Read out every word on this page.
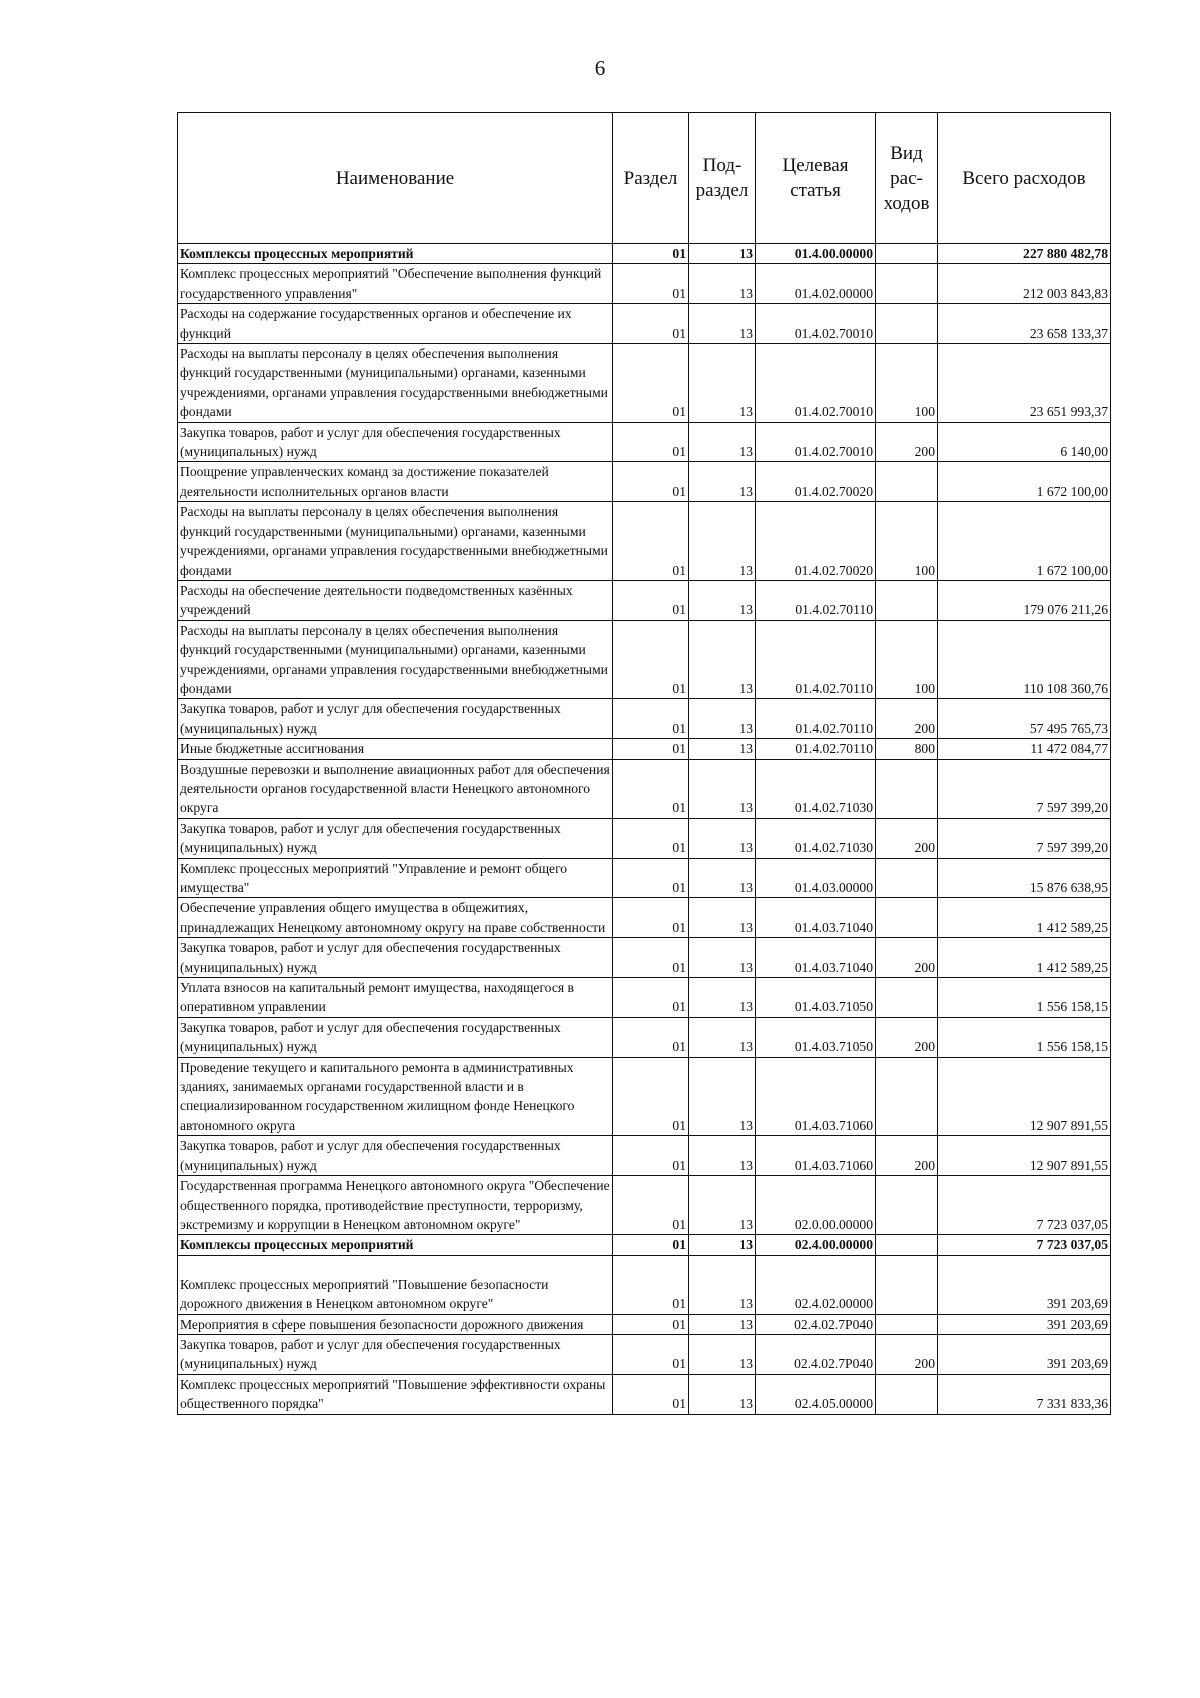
6
Наименование	Раздел	Под-раздел	Целевая статья	Вид рас-ходов	Всего расходов
Комплексы процессных мероприятий	01	13	01.4.00.00000		227 880 482,78
Комплекс процессных мероприятий "Обеспечение выполнения функций государственного управления"	01	13	01.4.02.00000		212 003 843,83
Расходы на содержание государственных органов и обеспечение их функций	01	13	01.4.02.70010		23 658 133,37
Расходы на выплаты персоналу в целях обеспечения выполнения функций государственными (муниципальными) органами, казенными учреждениями, органами управления государственными внебюджетными фондами	01	13	01.4.02.70010	100	23 651 993,37
Закупка товаров, работ и услуг для обеспечения государственных (муниципальных) нужд	01	13	01.4.02.70010	200	6 140,00
Поощрение управленческих команд за достижение показателей деятельности исполнительных органов власти	01	13	01.4.02.70020		1 672 100,00
Расходы на выплаты персоналу в целях обеспечения выполнения функций государственными (муниципальными) органами, казенными учреждениями, органами управления государственными внебюджетными фондами	01	13	01.4.02.70020	100	1 672 100,00
Расходы на обеспечение деятельности подведомственных казённых учреждений	01	13	01.4.02.70110		179 076 211,26
Расходы на выплаты персоналу в целях обеспечения выполнения функций государственными (муниципальными) органами, казенными учреждениями, органами управления государственными внебюджетными фондами	01	13	01.4.02.70110	100	110 108 360,76
Закупка товаров, работ и услуг для обеспечения государственных (муниципальных) нужд	01	13	01.4.02.70110	200	57 495 765,73
Иные бюджетные ассигнования	01	13	01.4.02.70110	800	11 472 084,77
Воздушные перевозки и выполнение авиационных работ для обеспечения деятельности органов государственной власти Ненецкого автономного округа	01	13	01.4.02.71030		7 597 399,20
Закупка товаров, работ и услуг для обеспечения государственных (муниципальных) нужд	01	13	01.4.02.71030	200	7 597 399,20
Комплекс процессных мероприятий "Управление и ремонт общего имущества"	01	13	01.4.03.00000		15 876 638,95
Обеспечение управления общего имущества в общежитиях, принадлежащих Ненецкому автономному округу на праве собственности	01	13	01.4.03.71040		1 412 589,25
Закупка товаров, работ и услуг для обеспечения государственных (муниципальных) нужд	01	13	01.4.03.71040	200	1 412 589,25
Уплата взносов на капитальный ремонт имущества, находящегося в оперативном управлении	01	13	01.4.03.71050		1 556 158,15
Закупка товаров, работ и услуг для обеспечения государственных (муниципальных) нужд	01	13	01.4.03.71050	200	1 556 158,15
Проведение текущего и капитального ремонта в административных зданиях, занимаемых органами государственной власти и в специализированном государственном жилищном фонде Ненецкого автономного округа	01	13	01.4.03.71060		12 907 891,55
Закупка товаров, работ и услуг для обеспечения государственных (муниципальных) нужд	01	13	01.4.03.71060	200	12 907 891,55
Государственная программа Ненецкого автономного округа "Обеспечение общественного порядка, противодействие преступности, терроризму, экстремизму и коррупции в Ненецком автономном округе"	01	13	02.0.00.00000		7 723 037,05
Комплексы процессных мероприятий	01	13	02.4.00.00000		7 723 037,05
Комплекс процессных мероприятий "Повышение безопасности дорожного движения в Ненецком автономном округе"	01	13	02.4.02.00000		391 203,69
Мероприятия в сфере повышения безопасности дорожного движения	01	13	02.4.02.7Р040		391 203,69
Закупка товаров, работ и услуг для обеспечения государственных (муниципальных) нужд	01	13	02.4.02.7Р040	200	391 203,69
Комплекс процессных мероприятий "Повышение эффективности охраны общественного порядка"	01	13	02.4.05.00000		7 331 833,36
